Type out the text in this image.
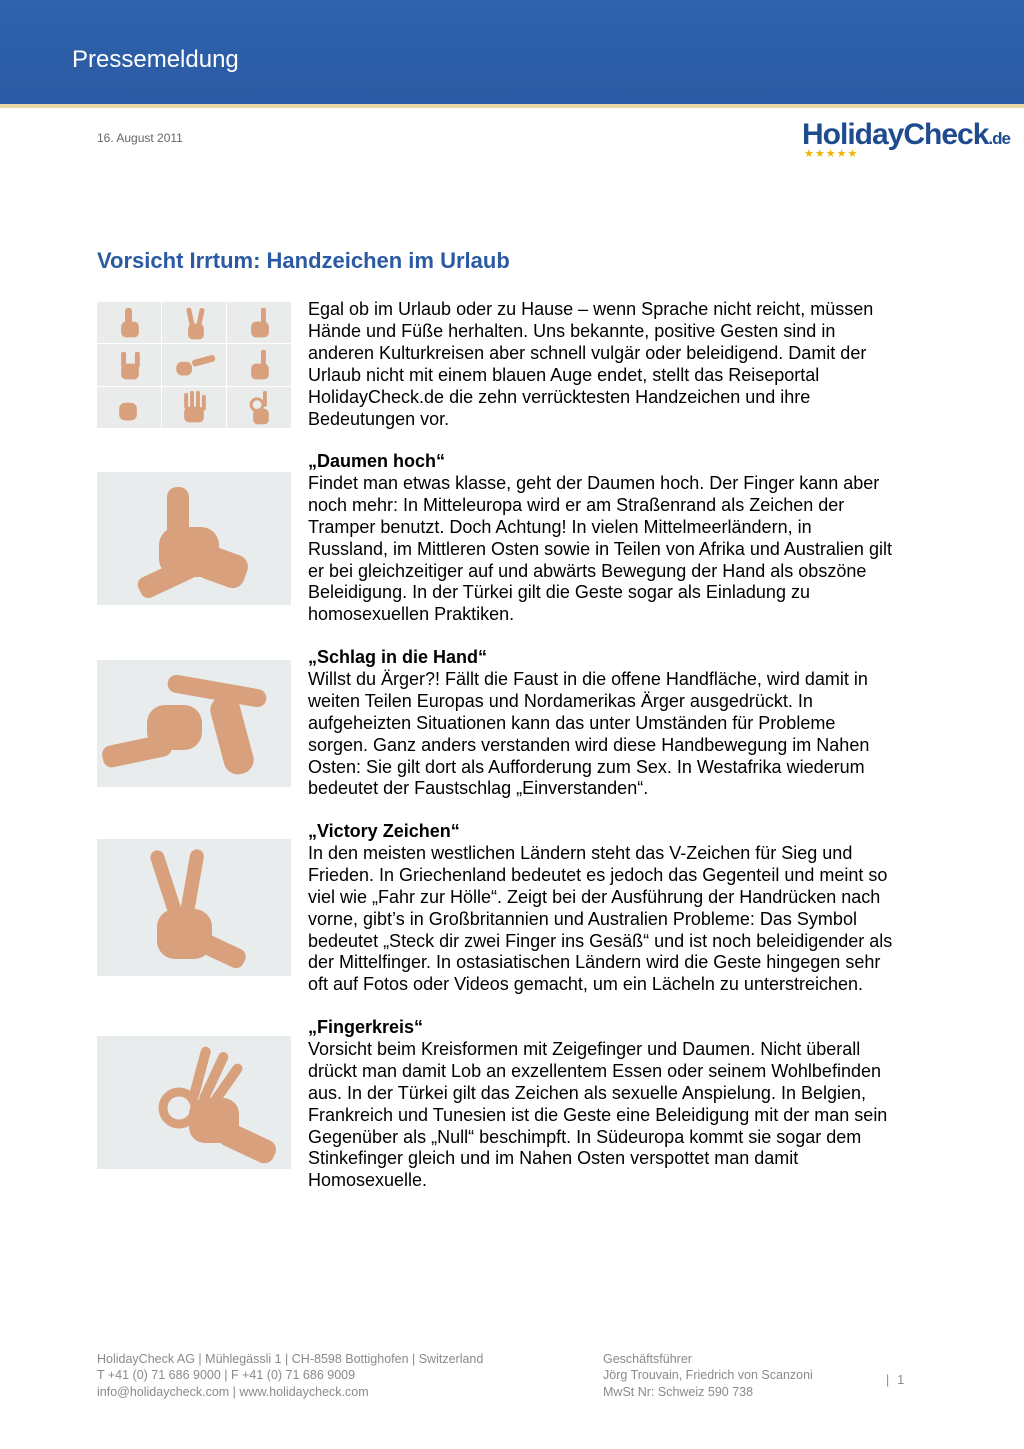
Pressemeldung
16. August 2011	HolidayCheck.de
★★★★★
Vorsicht Irrtum: Handzeichen im Urlaub

Egal ob im Urlaub oder zu Hause – wenn Sprache nicht reicht, müssen

Hände und Füße herhalten. Uns bekannte, positive Gesten sind in

anderen Kulturkreisen aber schnell vulgär oder beleidigend. Damit der

Urlaub nicht mit einem blauen Auge endet, stellt das Reiseportal

HolidayCheck.de die zehn verrücktesten Handzeichen und ihre

Bedeutungen vor.

„Daumen hoch“

Findet man etwas klasse, geht der Daumen hoch. Der Finger kann aber

noch mehr: In Mitteleuropa wird er am Straßenrand als Zeichen der

Tramper benutzt. Doch Achtung! In vielen Mittelmeerländern, in

Russland, im Mittleren Osten sowie in Teilen von Afrika und Australien gilt

er bei gleichzeitiger auf und abwärts Bewegung der Hand als obszöne

Beleidigung. In der Türkei gilt die Geste sogar als Einladung zu

homosexuellen Praktiken.

„Schlag in die Hand“

Willst du Ärger?! Fällt die Faust in die offene Handfläche, wird damit in

weiten Teilen Europas und Nordamerikas Ärger ausgedrückt. In

aufgeheizten Situationen kann das unter Umständen für Probleme

sorgen. Ganz anders verstanden wird diese Handbewegung im Nahen

Osten: Sie gilt dort als Aufforderung zum Sex. In Westafrika wiederum

bedeutet der Faustschlag „Einverstanden“.

„Victory Zeichen“

In den meisten westlichen Ländern steht das V-Zeichen für Sieg und

Frieden. In Griechenland bedeutet es jedoch das Gegenteil und meint so

viel wie „Fahr zur Hölle“. Zeigt bei der Ausführung der Handrücken nach

vorne, gibt’s in Großbritannien und Australien Probleme: Das Symbol

bedeutet „Steck dir zwei Finger ins Gesäß“ und ist noch beleidigender als

der Mittelfinger. In ostasiatischen Ländern wird die Geste hingegen sehr

oft auf Fotos oder Videos gemacht, um ein Lächeln zu unterstreichen.

„Fingerkreis“

Vorsicht beim Kreisformen mit Zeigefinger und Daumen. Nicht überall

drückt man damit Lob an exzellentem Essen oder seinem Wohlbefinden

aus. In der Türkei gilt das Zeichen als sexuelle Anspielung. In Belgien,

Frankreich und Tunesien ist die Geste eine Beleidigung mit der man sein

Gegenüber als „Null“ beschimpft. In Südeuropa kommt sie sogar dem

Stinkefinger gleich und im Nahen Osten verspottet man damit

Homosexuelle.

HolidayCheck AG | Mühlegässli 1 | CH-8598 Bottighofen | Switzerland
T +41 (0) 71 686 9000 | F +41 (0) 71 686 9009
info@holidaycheck.com | www.holidaycheck.com
Geschäftsführer
Jörg Trouvain, Friedrich von Scanzoni
MwSt Nr: Schweiz 590 738
| 1
